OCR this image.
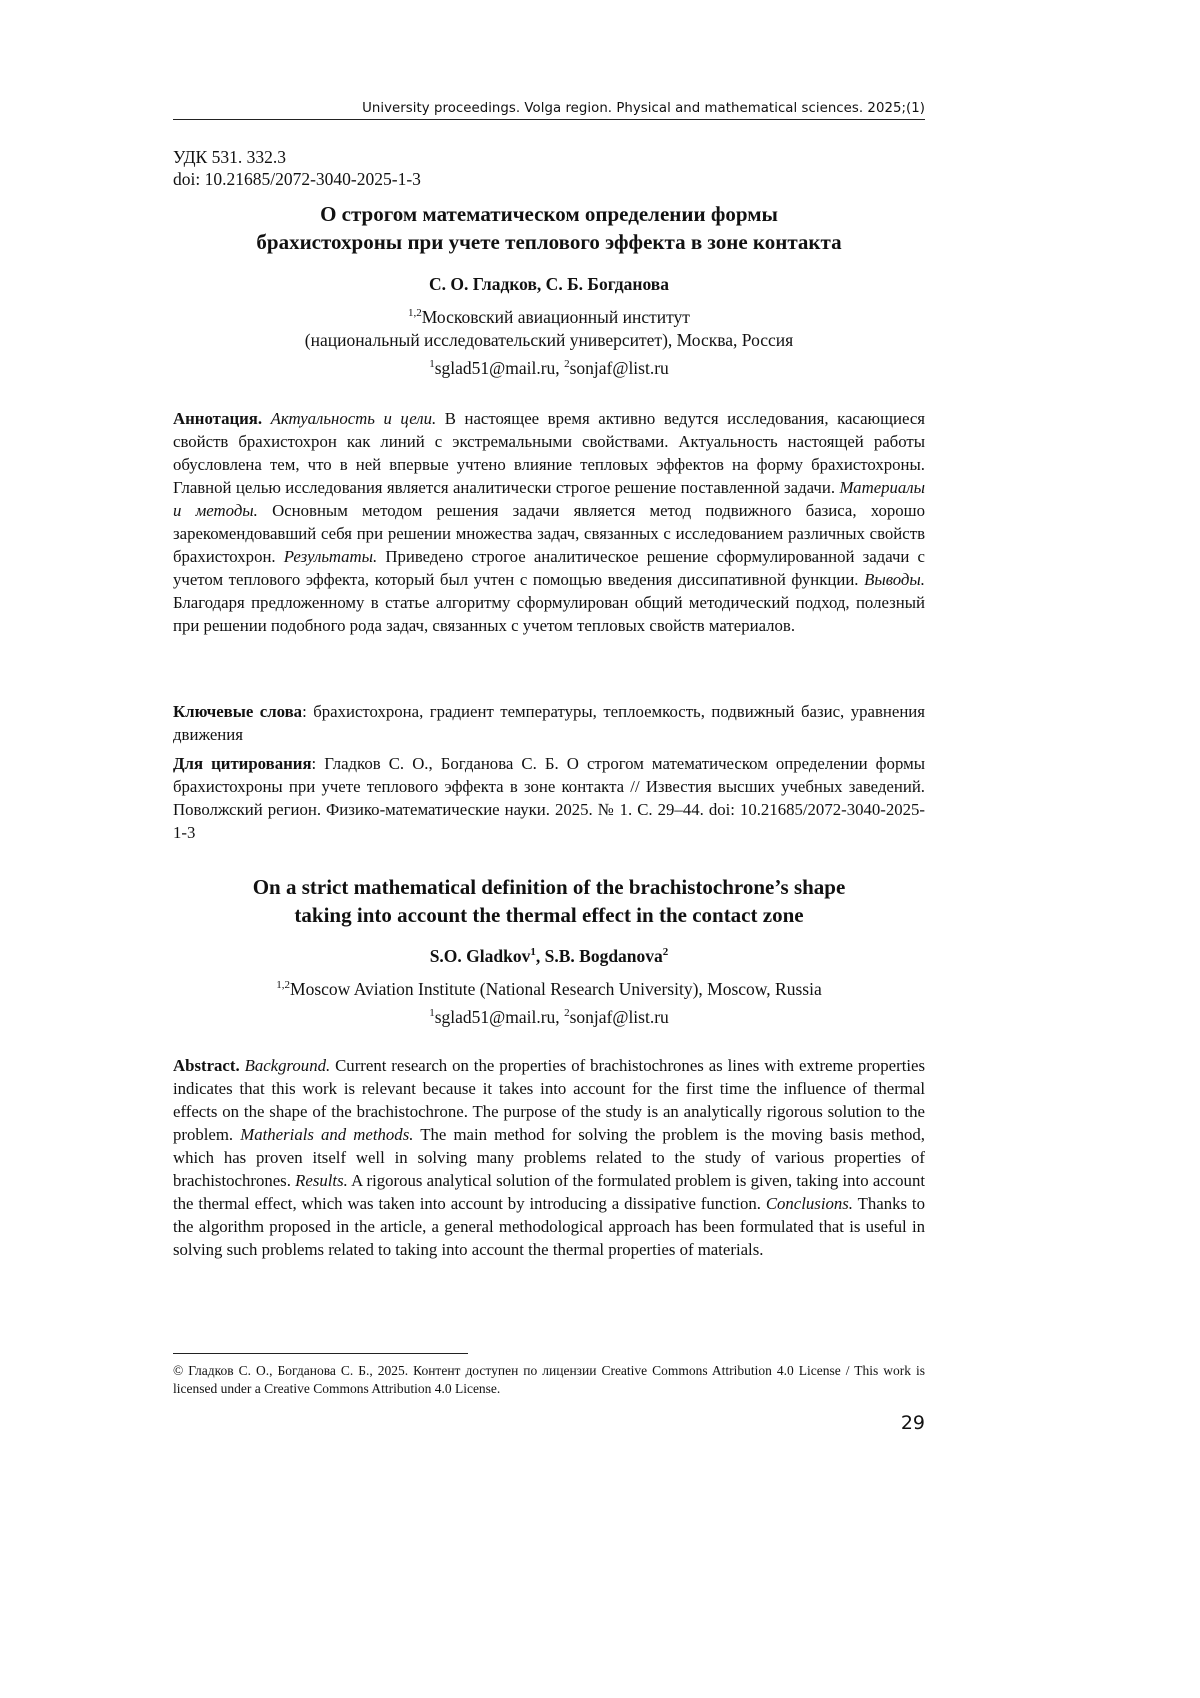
University proceedings. Volga region. Physical and mathematical sciences. 2025;(1)
УДК 531. 332.3
doi: 10.21685/2072-3040-2025-1-3
О строгом математическом определении формы
брахистохроны при учете теплового эффекта в зоне контакта
С. О. Гладков, С. Б. Богданова
$^{1,2}$Московский авиационный институт
(национальный исследовательский университет), Москва, Россия
$^1$sglad51@mail.ru, $^2$sonjaf@list.ru
Аннотация. Актуальность и цели. В настоящее время активно ведутся исследования, касающиеся свойств брахистохрон как линий с экстремальными свойствами. Актуальность настоящей работы обусловлена тем, что в ней впервые учтено влияние тепловых эффектов на форму брахистохроны. Главной целью исследования является аналитически строгое решение поставленной задачи. Материалы и методы. Основным методом решения задачи является метод подвижного базиса, хорошо зарекомендовавший себя при решении множества задач, связанных с исследованием различных свойств брахистохрон. Результаты. Приведено строгое аналитическое решение сформулированной задачи с учетом теплового эффекта, который был учтен с помощью введения диссипативной функции. Выводы. Благодаря предложенному в статье алгоритму сформулирован общий методический подход, полезный при решении подобного рода задач, связанных с учетом тепловых свойств материалов.
Ключевые слова: брахистохрона, градиент температуры, теплоемкость, подвижный базис, уравнения движения
Для цитирования: Гладков С. О., Богданова С. Б. О строгом математическом определении формы брахистохроны при учете теплового эффекта в зоне контакта // Известия высших учебных заведений. Поволжский регион. Физико-математические науки. 2025. № 1. С. 29–44. doi: 10.21685/2072-3040-2025-1-3
On a strict mathematical definition of the brachistochrone’s shape
taking into account the thermal effect in the contact zone
S.O. Gladkov$^1$, S.B. Bogdanova$^2$
$^{1,2}$Moscow Aviation Institute (National Research University), Moscow, Russia
$^1$sglad51@mail.ru, $^2$sonjaf@list.ru
Abstract. Background. Current research on the properties of brachistochrones as lines with extreme properties indicates that this work is relevant because it takes into account for the first time the influence of thermal effects on the shape of the brachistochrone. The purpose of the study is an analytically rigorous solution to the problem. Matherials and methods. The main method for solving the problem is the moving basis method, which has proven itself well in solving many problems related to the study of various properties of brachistochrones. Results. A rigorous analytical solution of the formulated problem is given, taking into account the thermal effect, which was taken into account by introducing a dissipative function. Conclusions. Thanks to the algorithm proposed in the article, a general methodological approach has been formulated that is useful in solving such problems related to taking into account the thermal properties of materials.
© Гладков С. О., Богданова С. Б., 2025. Контент доступен по лицензии Creative Commons Attribution 4.0 License / This work is licensed under a Creative Commons Attribution 4.0 License.
29
